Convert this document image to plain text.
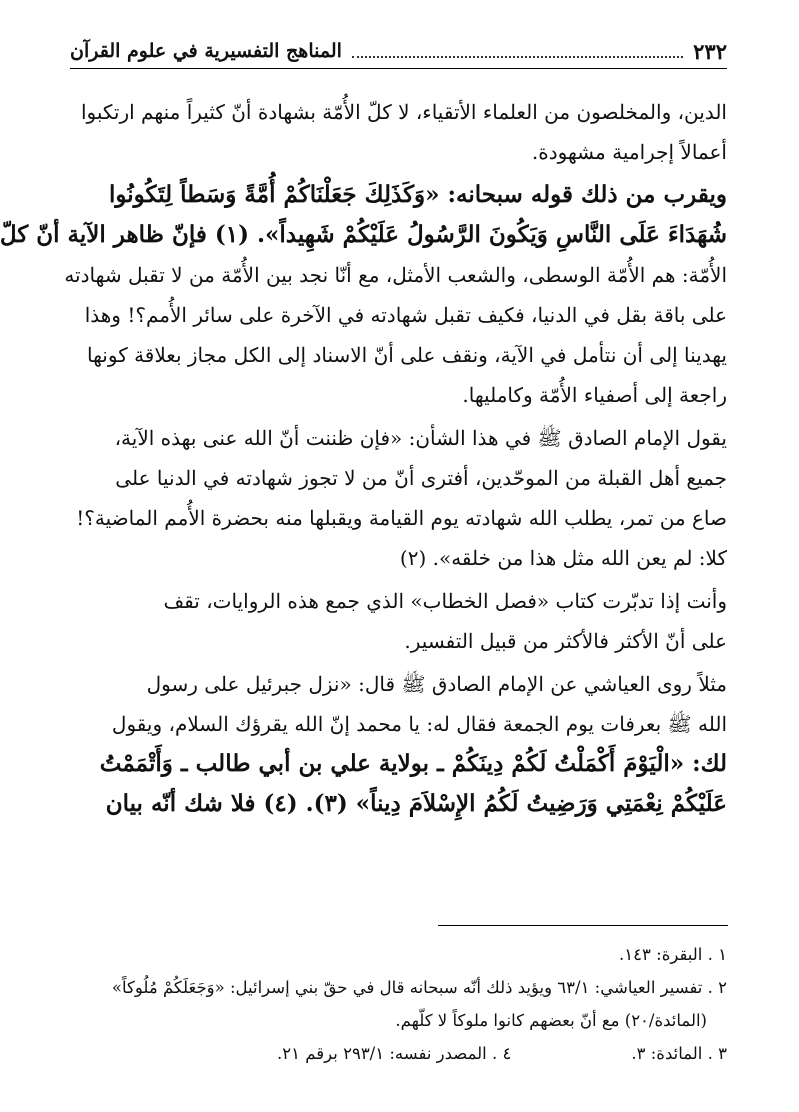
٢٣٢
المناهج التفسيرية في علوم القرآن
الدين، والمخلصون من العلماء الأتقياء، لا كلّ الأُمّة بشهادة أنّ كثيراً منهم ارتكبوا
أعمالاً إجرامية مشهودة.
ويقرب من ذلك قوله سبحانه: «وَكَذَلِكَ جَعَلْنَاكُمْ أُمَّةً وَسَطاً لِتَكُونُوا
شُهَدَاءَ عَلَى النَّاسِ وَيَكُونَ الرَّسُولُ عَلَيْكُمْ شَهِيداً». (١) فإنّ ظاهر الآية أنّ كلّ
الأُمّة: هم الأُمّة الوسطى، والشعب الأمثل، مع أنّا نجد بين الأُمّة من لا تقبل شهادته
على باقة بقل في الدنيا، فكيف تقبل شهادته في الآخرة على سائر الأُمم؟! وهذا
يهدينا إلى أن نتأمل في الآية، ونقف على أنّ الاسناد إلى الكل مجاز بعلاقة كونها
راجعة إلى أصفياء الأُمّة وكامليها.
يقول الإمام الصادق ﷺ في هذا الشأن: «فإن ظننت أنّ الله عنى بهذه الآية،
جميع أهل القبلة من الموحّدين، أفترى أنّ من لا تجوز شهادته في الدنيا على
صاع من تمر، يطلب الله شهادته يوم القيامة ويقبلها منه بحضرة الأُمم الماضية؟!
كلا: لم يعن الله مثل هذا من خلقه». (٢)
وأنت إذا تدبّرت كتاب «فصل الخطاب» الذي جمع هذه الروايات، تقف
على أنّ الأكثر فالأكثر من قبيل التفسير.
مثلاً روى العياشي عن الإمام الصادق ﷺ قال: «نزل جبرئيل على رسول
الله ﷺ بعرفات يوم الجمعة فقال له: يا محمد إنّ الله يقرؤك السلام، ويقول
لك: «الْيَوْمَ أَكْمَلْتُ لَكُمْ دِينَكُمْ ـ بولاية علي بن أبي طالب ـ وَأَتْمَمْتُ
عَلَيْكُمْ نِعْمَتِي وَرَضِيتُ لَكُمُ الإِسْلاَمَ دِيناً» (٣). (٤) فلا شك أنّه بيان
١ . البقرة: ١٤٣.
٢ . تفسير العياشي: ٦٣/١ ويؤيد ذلك أنّه سبحانه قال في حقّ بني إسرائيل: «وَجَعَلَكُمْ مُلُوكاً»
(المائدة/٢٠) مع أنّ بعضهم كانوا ملوكاً لا كلّهم.
٣ . المائدة: ٣.
٤ . المصدر نفسه: ٢٩٣/١ برقم ٢١.
